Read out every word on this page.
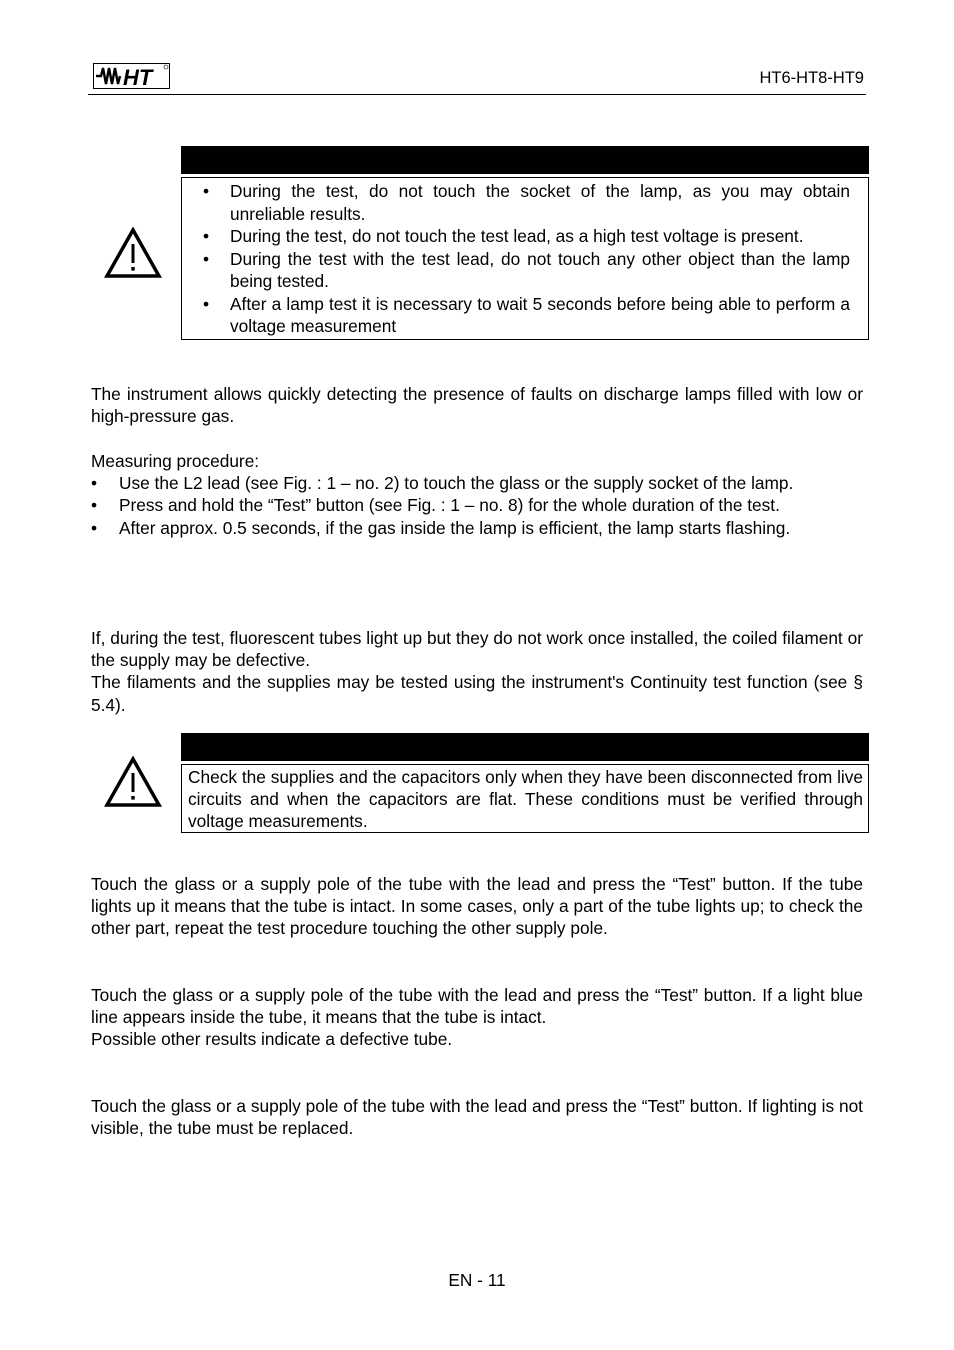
HT	HT6-HT8-HT9
• During the test, do not touch the socket of the lamp, as you may obtain unreliable results.
• During the test, do not touch the test lead, as a high test voltage is present.
• During the test with the test lead, do not touch any other object than the lamp being tested.
• After a lamp test it is necessary to wait 5 seconds before being able to perform a voltage measurement

The instrument allows quickly detecting the presence of faults on discharge lamps filled with low or high-pressure gas.

Measuring procedure:

• Use the L2 lead (see Fig. : 1 – no. 2) to touch the glass or the supply socket of the lamp.
• Press and hold the “Test” button (see Fig. : 1 – no. 8) for the whole duration of the test.
• After approx. 0.5 seconds, if the gas inside the lamp is efficient, the lamp starts flashing.

If, during the test, fluorescent tubes light up but they do not work once installed, the coiled filament or the supply may be defective.

The filaments and the supplies may be tested using the instrument's Continuity test function (see § 5.4).

Check the supplies and the capacitors only when they have been disconnected from live circuits and when the capacitors are flat. These conditions must be verified through voltage measurements.

Touch the glass or a supply pole of the tube with the lead and press the “Test” button. If the tube lights up it means that the tube is intact. In some cases, only a part of the tube lights up; to check the other part, repeat the test procedure touching the other supply pole.

Touch the glass or a supply pole of the tube with the lead and press the “Test” button. If a light blue line appears inside the tube, it means that the tube is intact.

Possible other results indicate a defective tube.

Touch the glass or a supply pole of the tube with the lead and press the “Test” button. If lighting is not visible, the tube must be replaced.

EN - 11
